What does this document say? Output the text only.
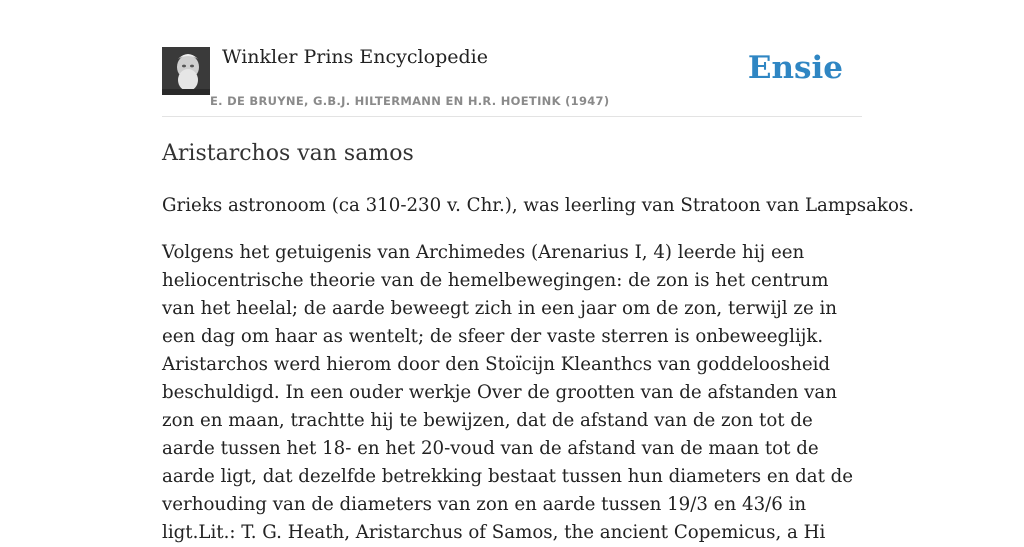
Winkler Prins Encyclopedie
E. DE BRUYNE, G.B.J. HILTERMANN EN H.R. HOETINK (1947)
Ensie
Aristarchos van samos

Grieks astronoom (ca 310-230 v. Chr.), was leerling van Stratoon van Lampsakos.

Volgens het getuigenis van Archimedes (Arenarius I, 4) leerde hij een heliocentrische theorie van de hemelbewegingen: de zon is het centrum van het heelal; de aarde beweegt zich in een jaar om de zon, terwijl ze in een dag om haar as wentelt; de sfeer der vaste sterren is onbeweeglijk. Aristarchos werd hierom door den Stoïcijn Kleanthcs van goddeloosheid beschuldigd. In een ouder werkje Over de grootten van de afstanden van zon en maan, trachtte hij te bewijzen, dat de afstand van de zon tot de aarde tussen het 18- en het 20-voud van de afstand van de maan tot de aarde ligt, dat dezelfde betrekking bestaat tussen hun diameters en dat de verhouding van de diameters van zon en aarde tussen 19/3 en 43/6 in ligt.Lit.: T. G. Heath, Aristarchus of Samos, the ancient Copemicus, a Hi
